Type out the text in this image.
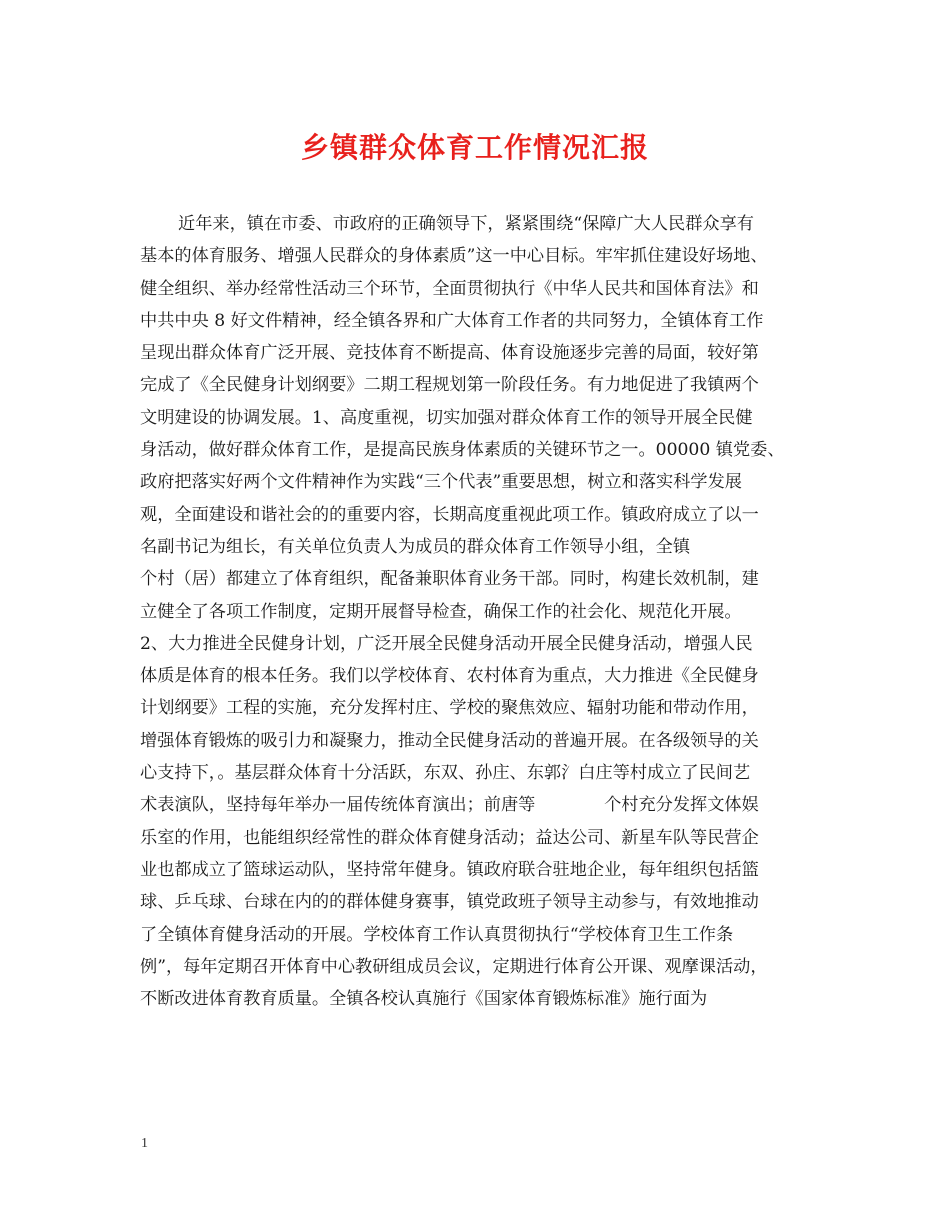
乡镇群众体育工作情况汇报
近年来，镇在市委、市政府的正确领导下，紧紧围绕“保障广大人民群众享有
基本的体育服务、增强人民群众的身体素质”这一中心目标。牢牢抓住建设好场地、
健全组织、举办经常性活动三个环节，全面贯彻执行《中华人民共和国体育法》和
中共中央 8 好文件精神，经全镇各界和广大体育工作者的共同努力，全镇体育工作
呈现出群众体育广泛开展、竞技体育不断提高、体育设施逐步完善的局面，较好第
完成了《全民健身计划纲要》二期工程规划第一阶段任务。有力地促进了我镇两个
文明建设的协调发展。1、高度重视，切实加强对群众体育工作的领导开展全民健
身活动，做好群众体育工作，是提高民族身体素质的关键环节之一。00000 镇党委、
政府把落实好两个文件精神作为实践“三个代表”重要思想，树立和落实科学发展
观，全面建设和谐社会的的重要内容，长期高度重视此项工作。镇政府成立了以一
名副书记为组长，有关单位负责人为成员的群众体育工作领导小组，全镇
个村（居）都建立了体育组织，配备兼职体育业务干部。同时，构建长效机制，建
立健全了各项工作制度，定期开展督导检查，确保工作的社会化、规范化开展。
2、大力推进全民健身计划，广泛开展全民健身活动开展全民健身活动，增强人民
体质是体育的根本任务。我们以学校体育、农村体育为重点，大力推进《全民健身
计划纲要》工程的实施，充分发挥村庄、学校的聚焦效应、辐射功能和带动作用，
增强体育锻炼的吸引力和凝聚力，推动全民健身活动的普遍开展。在各级领导的关
心支持下，。基层群众体育十分活跃，东双、孙庄、东郭氵白庄等村成立了民间艺
术表演队，坚持每年举办一届传统体育演出；前唐等　　　　个村充分发挥文体娱
乐室的作用，也能组织经常性的群众体育健身活动；益达公司、新星车队等民营企
业也都成立了篮球运动队，坚持常年健身。镇政府联合驻地企业，每年组织包括篮
球、乒乓球、台球在内的的群体健身赛事，镇党政班子领导主动参与，有效地推动
了全镇体育健身活动的开展。学校体育工作认真贯彻执行“学校体育卫生工作条
例”，每年定期召开体育中心教研组成员会议，定期进行体育公开课、观摩课活动，
不断改进体育教育质量。全镇各校认真施行《国家体育锻炼标准》施行面为
1
